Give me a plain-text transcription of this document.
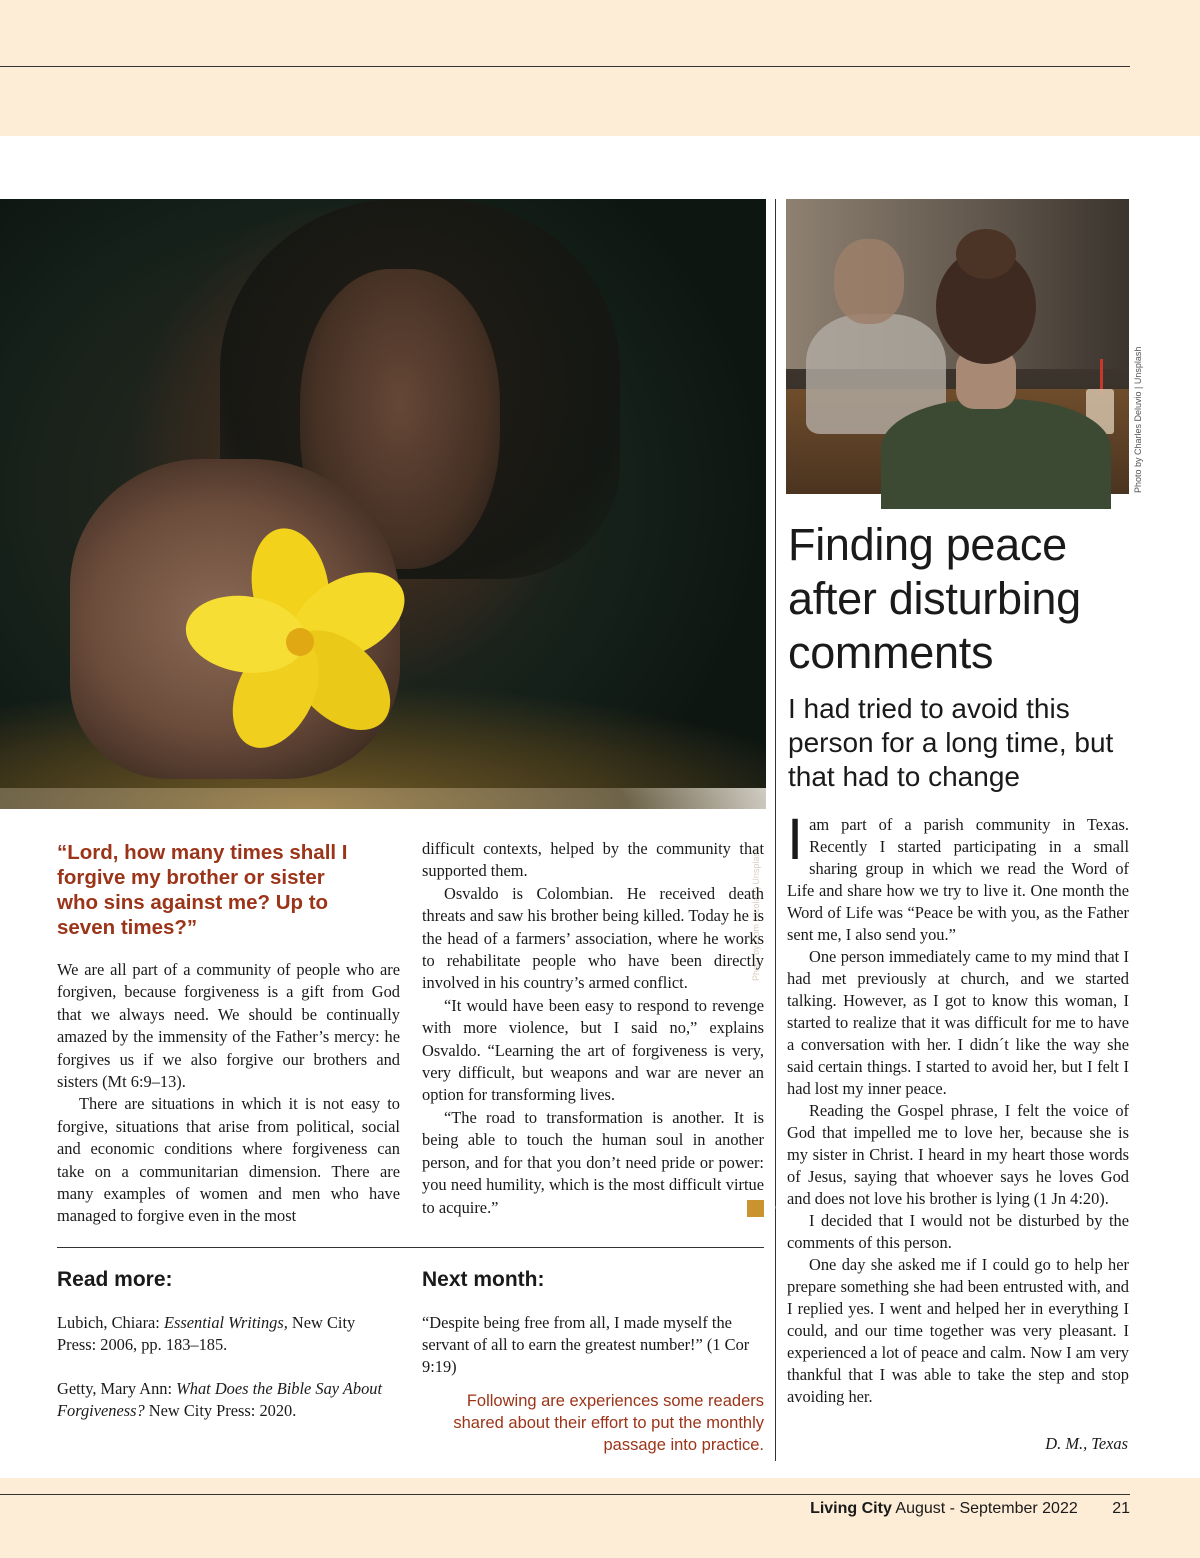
Photo by Dom Nicolas | Unsplash
Photo by Charles Deluvio | Unsplash
Finding peace after disturbing comments

I had tried to avoid this person for a long time, but that had to change

Iam part of a parish community in Texas. Recently I started participating in a small sharing group in which we read the Word of Life and share how we try to live it. One month the Word of Life was “Peace be with you, as the Father sent me, I also send you.”

One person immediately came to my mind that I had met previously at church, and we started talking. However, as I got to know this woman, I started to realize that it was difficult for me to have a conversation with her. I didn´t like the way she said certain things. I started to avoid her, but I felt I had lost my inner peace.

Reading the Gospel phrase, I felt the voice of God that impelled me to love her, because she is my sister in Christ. I heard in my heart those words of Jesus, saying that whoever says he loves God and does not love his brother is lying (1 Jn 4:20).

I decided that I would not be disturbed by the comments of this person.

One day she asked me if I could go to help her prepare something she had been entrusted with, and I replied yes. I went and helped her in everything I could, and our time together was very pleasant. I experienced a lot of peace and calm. Now I am very thankful that I was able to take the step and stop avoiding her.

D. M., Texas

“Lord, how many times shall I forgive my brother or sister who sins against me? Up to seven times?”

We are all part of a community of people who are forgiven, because forgiveness is a gift from God that we always need. We should be continually amazed by the immensity of the Father’s mercy: he forgives us if we also forgive our brothers and sisters (Mt 6:9–13).

There are situations in which it is not easy to forgive, situations that arise from political, social and economic conditions where forgiveness can take on a communitarian dimension. There are many examples of women and men who have managed to forgive even in the most

difficult contexts, helped by the community that supported them.

Osvaldo is Colombian. He received death threats and saw his brother being killed. Today he is the head of a farmers’ association, where he works to rehabilitate people who have been directly involved in his country’s armed conflict.

“It would have been easy to respond to revenge with more violence, but I said no,” explains Osvaldo. “Learning the art of forgiveness is very, very difficult, but weapons and war are never an option for transforming lives.

“The road to transformation is another. It is being able to touch the human soul in another person, and for that you don’t need pride or power: you need humility, which is the most difficult virtue to acquire.”	LC

Read more:

Lubich, Chiara: Essential Writings, New City Press: 2006, pp. 183–185.

Getty, Mary Ann: What Does the Bible Say About Forgiveness? New City Press: 2020.

Next month:

“Despite being free from all, I made myself the servant of all to earn the greatest number!” (1 Cor 9:19)

Following are experiences some readers shared about their effort to put the monthly passage into practice.
Living City August - September 2022 21
